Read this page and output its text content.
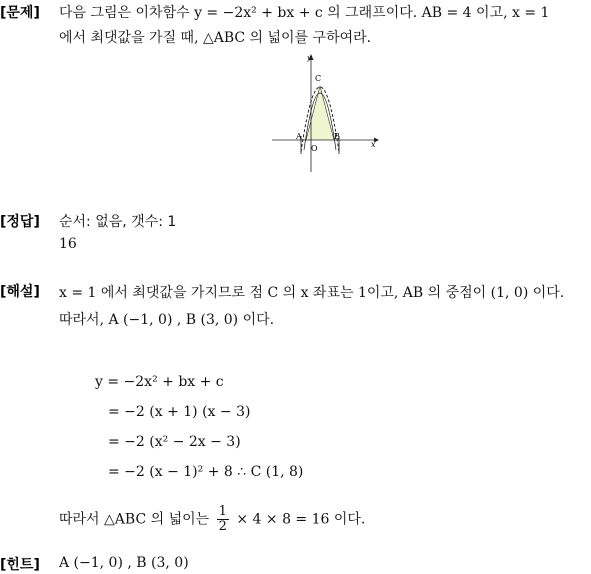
[문제] 다음 그림은 이차함수 y = −2x² + bx + c 의 그래프이다. AB = 4 이고, x = 1
에서 최댓값을 가질 때, △ABC 의 넓이를 구하여라.
y
x
C
A
O
B
[정답] 순서: 없음, 갯수: 1
16
[해설] x = 1 에서 최댓값을 가지므로 점 C 의 x 좌표는 1이고, AB 의 중점이 (1, 0) 이다.
따라서, A (−1, 0) , B (3, 0) 이다.
y = −2x² + bx + c
= −2 (x + 1) (x − 3)
= −2 (x² − 2x − 3)
= −2 (x − 1)² + 8 ∴ C (1, 8)
따라서 △ABC 의 넓이는 $\frac{1}{2} \times 4 \times 8 = 16$ 이다.
[힌트] A (−1, 0) , B (3, 0)
